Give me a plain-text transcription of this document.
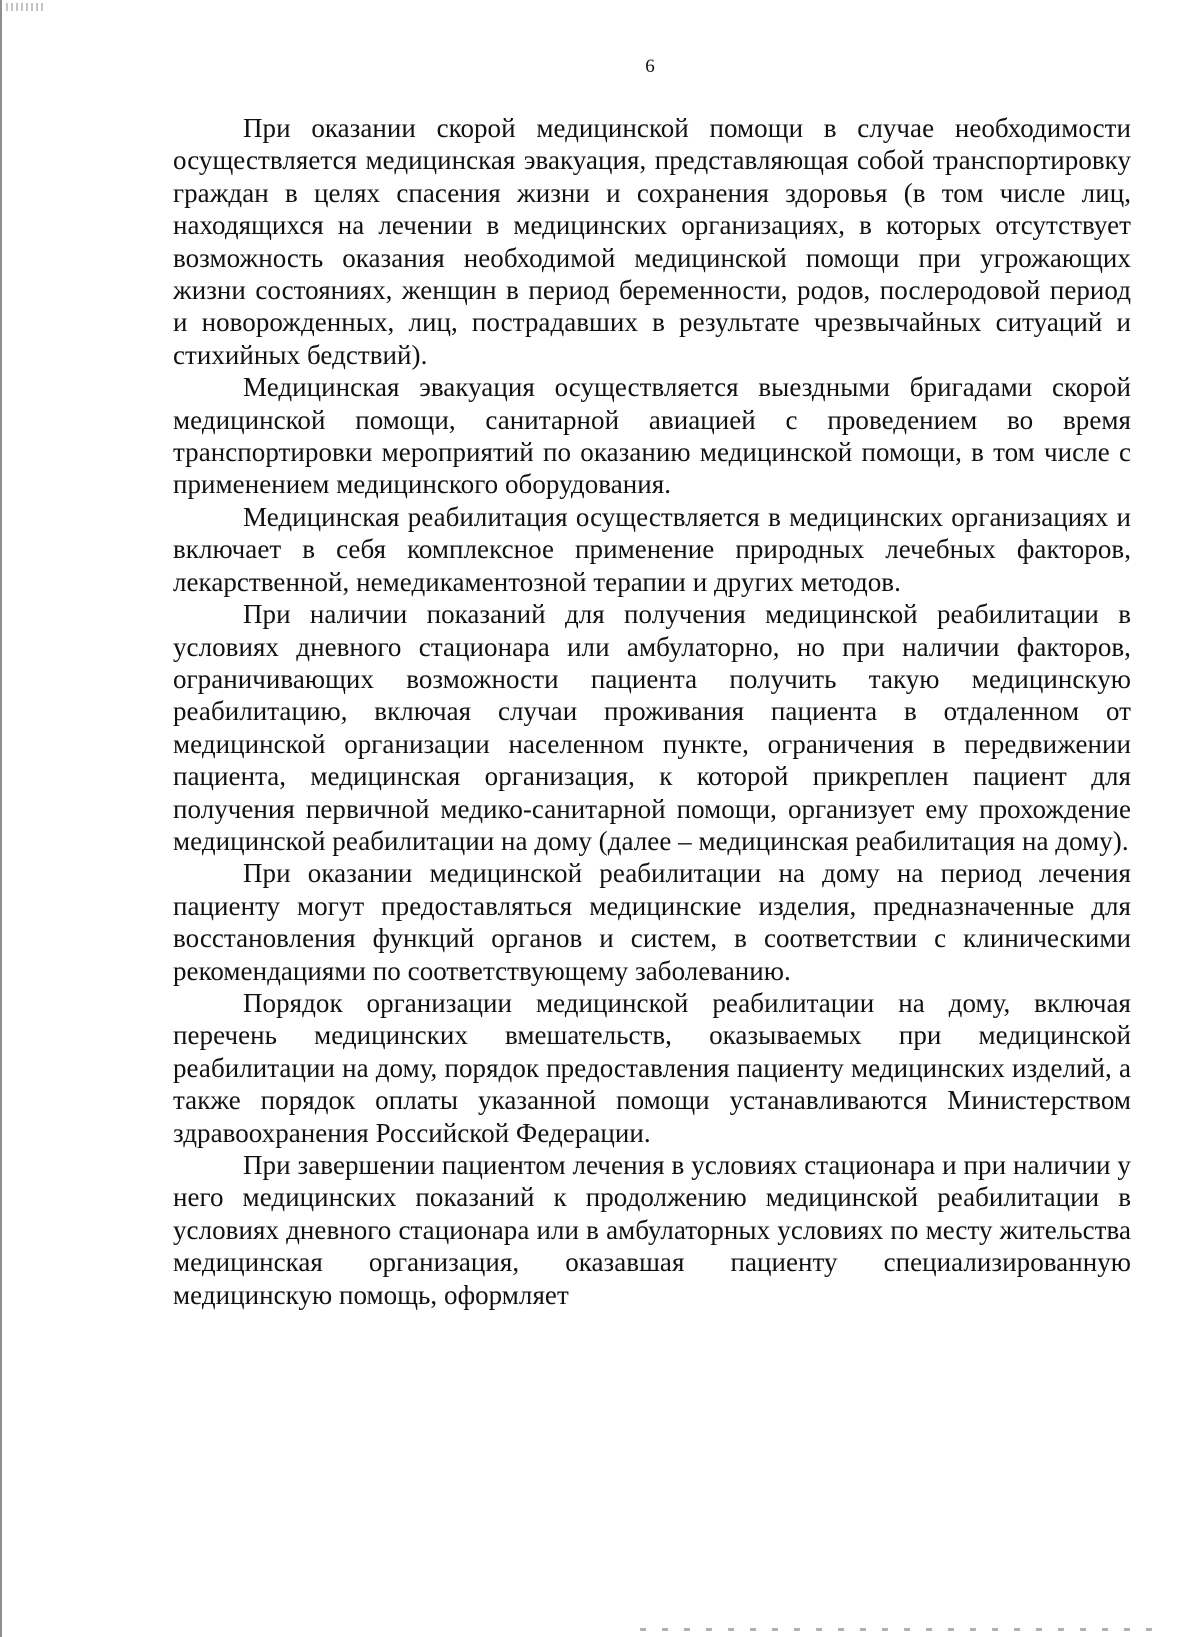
6

При оказании скорой медицинской помощи в случае необходимости осуществляется медицинская эвакуация, представляющая собой транспортировку граждан в целях спасения жизни и сохранения здоровья (в том числе лиц, находящихся на лечении в медицинских организациях, в которых отсутствует возможность оказания необходимой медицинской помощи при угрожающих жизни состояниях, женщин в период беременности, родов, послеродовой период и новорожденных, лиц, пострадавших в результате чрезвычайных ситуаций и стихийных бедствий).

Медицинская эвакуация осуществляется выездными бригадами скорой медицинской помощи, санитарной авиацией с проведением во время транспортировки мероприятий по оказанию медицинской помощи, в том числе с применением медицинского оборудования.

Медицинская реабилитация осуществляется в медицинских организациях и включает в себя комплексное применение природных лечебных факторов, лекарственной, немедикаментозной терапии и других методов.

При наличии показаний для получения медицинской реабилитации в условиях дневного стационара или амбулаторно, но при наличии факторов, ограничивающих возможности пациента получить такую медицинскую реабилитацию, включая случаи проживания пациента в отдаленном от медицинской организации населенном пункте, ограничения в передвижении пациента, медицинская организация, к которой прикреплен пациент для получения первичной медико-санитарной помощи, организует ему прохождение медицинской реабилитации на дому (далее – медицинская реабилитация на дому).

При оказании медицинской реабилитации на дому на период лечения пациенту могут предоставляться медицинские изделия, предназначенные для восстановления функций органов и систем, в соответствии с клиническими рекомендациями по соответствующему заболеванию.

Порядок организации медицинской реабилитации на дому, включая перечень медицинских вмешательств, оказываемых при медицинской реабилитации на дому, порядок предоставления пациенту медицинских изделий, а также порядок оплаты указанной помощи устанавливаются Министерством здравоохранения Российской Федерации.

При завершении пациентом лечения в условиях стационара и при наличии у него медицинских показаний к продолжению медицинской реабилитации в условиях дневного стационара или в амбулаторных условиях по месту жительства медицинская организация, оказавшая пациенту специализированную медицинскую помощь, оформляет
